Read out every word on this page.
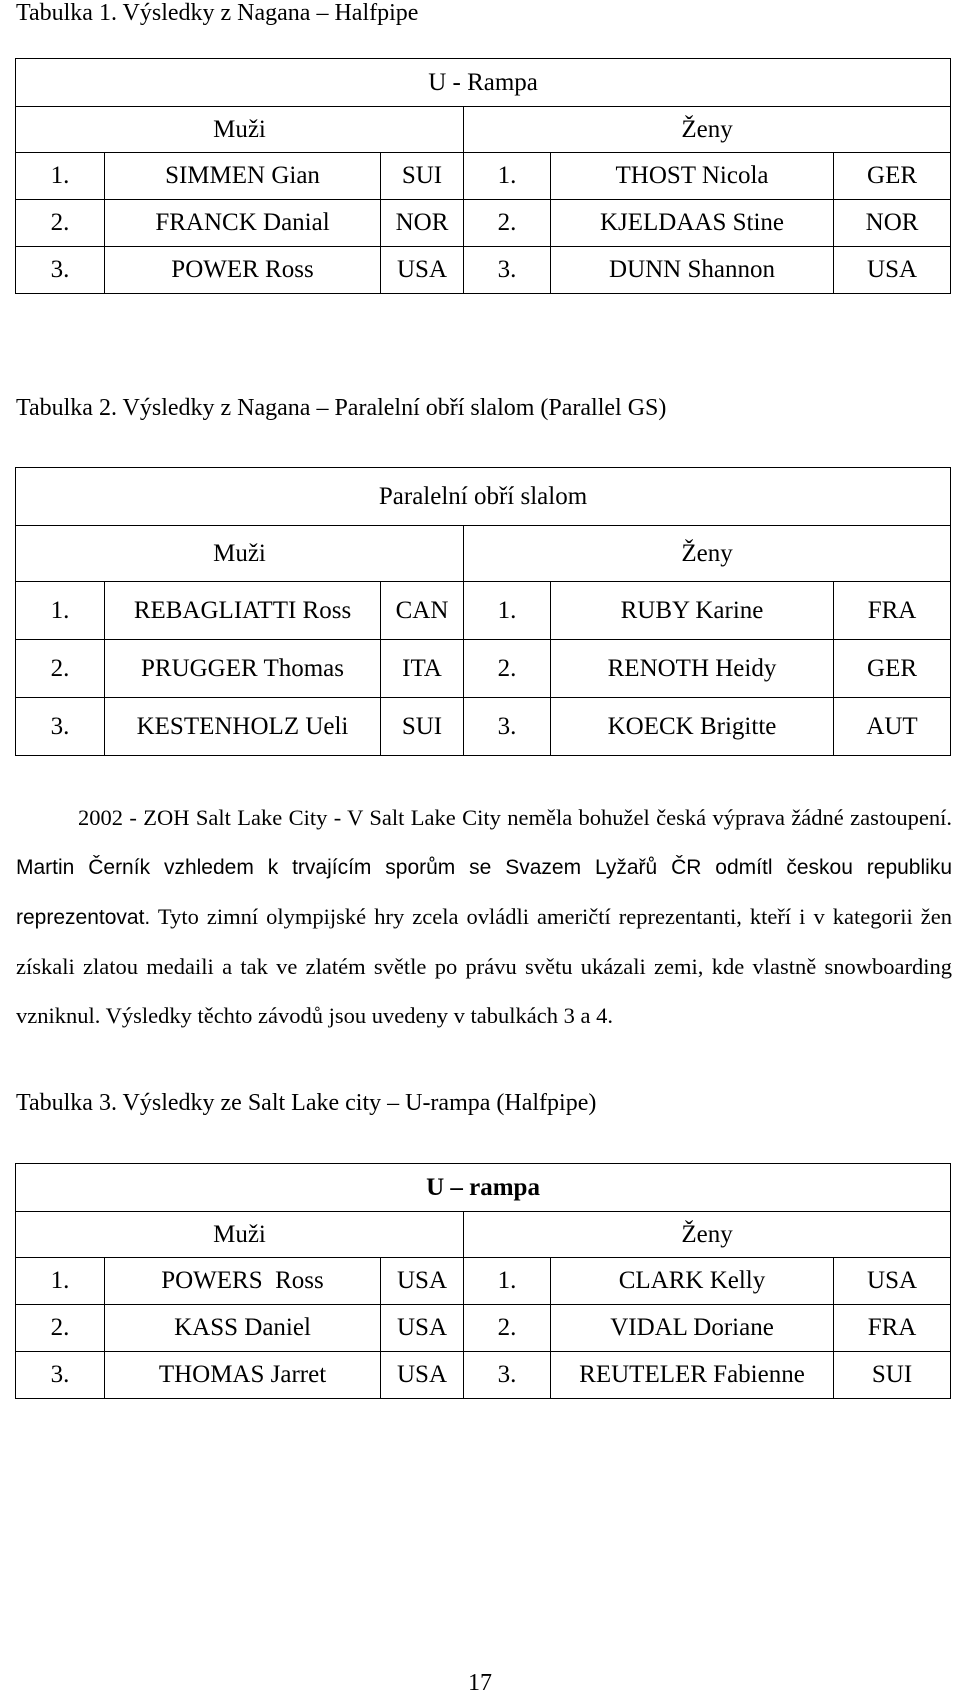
Tabulka 1. Výsledky z Nagana – Halfpipe
U - Rampa					
Muži			Ženy		
1.	SIMMEN Gian	SUI	1.	THOST Nicola	GER
2.	FRANCK Danial	NOR	2.	KJELDAAS Stine	NOR
3.	POWER Ross	USA	3.	DUNN Shannon	USA
Tabulka 2. Výsledky z Nagana – Paralelní obří slalom (Parallel GS)
Paralelní obří slalom					
Muži			Ženy		
1.	REBAGLIATTI Ross	CAN	1.	RUBY Karine	FRA
2.	PRUGGER Thomas	ITA	2.	RENOTH Heidy	GER
3.	KESTENHOLZ Ueli	SUI	3.	KOECK Brigitte	AUT
2002 - ZOH Salt Lake City - V Salt Lake City neměla bohužel česká výprava žádné zastoupení. Martin Černík vzhledem k trvajícím sporům se Svazem Lyžařů ČR odmítl českou republiku reprezentovat. Tyto zimní olympijské hry zcela ovládli američtí reprezentanti, kteří i v kategorii žen získali zlatou medaili a tak ve zlatém světle po právu světu ukázali zemi, kde vlastně snowboarding vzniknul. Výsledky těchto závodů jsou uvedeny v tabulkách 3 a 4.
Tabulka 3. Výsledky ze Salt Lake city – U-rampa (Halfpipe)
U – rampa					
Muži			Ženy		
1.	POWERS  Ross	USA	1.	CLARK Kelly	USA
2.	KASS Daniel	USA	2.	VIDAL Doriane	FRA
3.	THOMAS Jarret	USA	3.	REUTELER Fabienne	SUI
17
